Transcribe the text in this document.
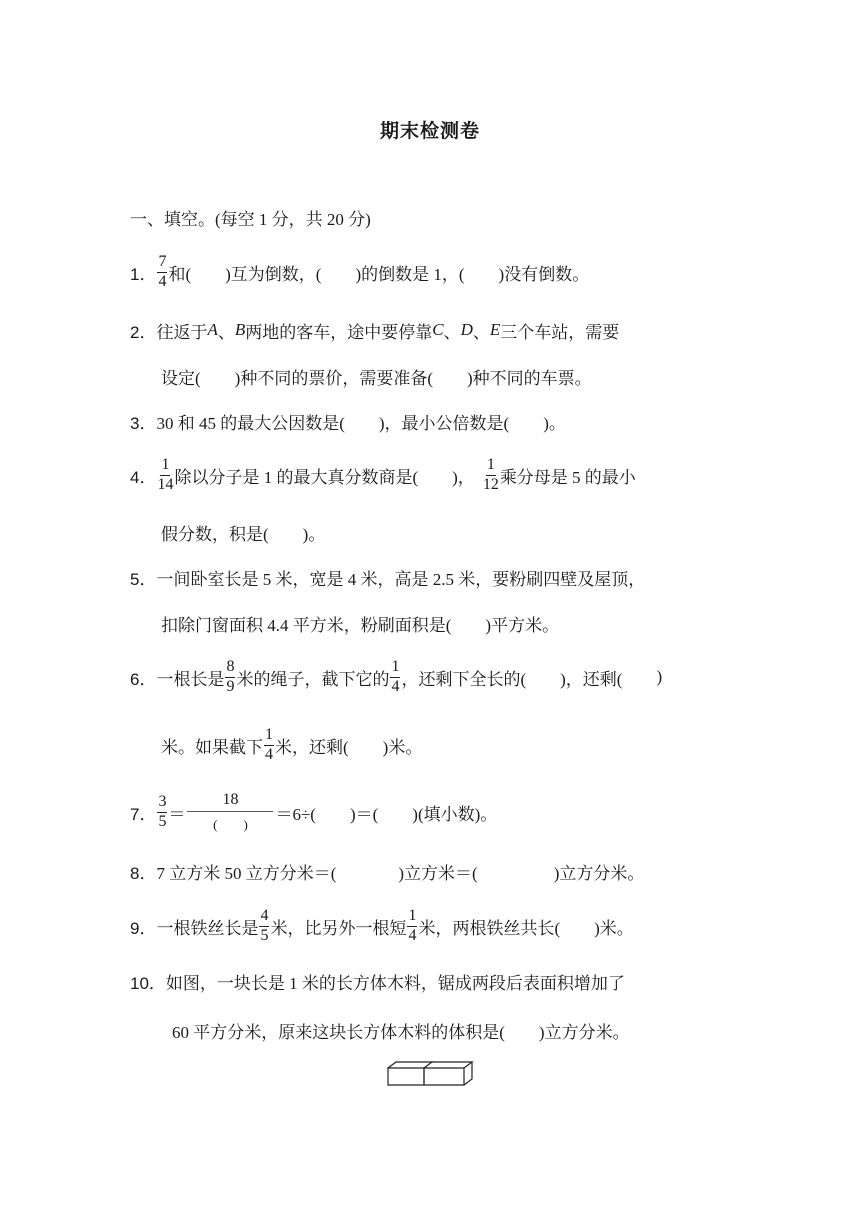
期末检测卷
一、填空。(每空 1 分，共 20 分)
1． $\frac{7}{4}$ 和( )互为倒数，( )的倒数是 1，( )没有倒数。
2． 往返于 A 、 B 两地的客车，途中要停靠 C 、 D 、 E 三个车站，需要
设定( )种不同的票价，需要准备( )种不同的车票。
3． 30 和 45 的最大公因数是( )，最小公倍数是( )。
4． $\frac{1}{14}$ 除以分子是 1 的最大真分数商是( )， $\frac{1}{12}$ 乘分母是 5 的最小
假分数，积是( )。
5． 一间卧室长是 5 米，宽是 4 米，高是 2.5 米，要粉刷四壁及屋顶，
扣除门窗面积 4.4 平方米，粉刷面积是( )平方米。
6． 一根长是 $\frac{8}{9}$ 米的绳子，截下它的 $\frac{1}{4}$ ，还剩下全长的( )，还剩( )
米。如果截下 $\frac{1}{4}$ 米，还剩( )米。
7． $\frac{3}{5}$ ＝
18
(　　)
＝6÷( )＝( )(填小数)。
8． 7 立方米 50 立方分米＝(	)立方米＝(	)立方分米。
9． 一根铁丝长是 $\frac{4}{5}$ 米，比另外一根短 $\frac{1}{4}$ 米，两根铁丝共长( )米。
10． 如图，一块长是 1 米的长方体木料，锯成两段后表面积增加了
60 平方分米，原来这块长方体木料的体积是( )立方分米。
